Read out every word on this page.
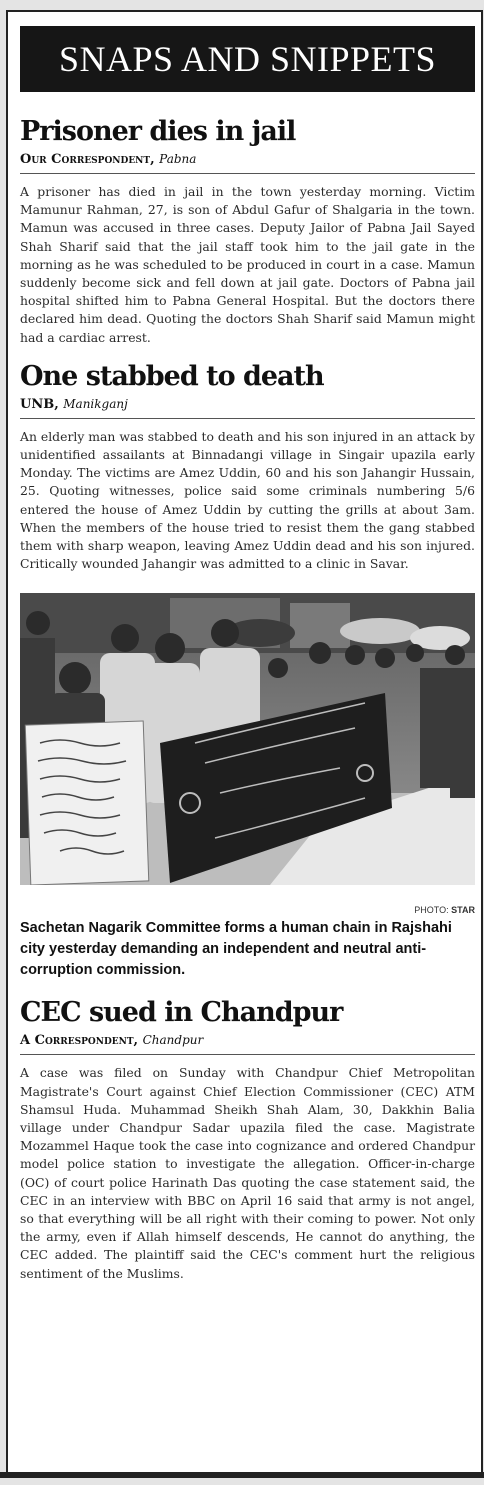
SNAPS AND SNIPPETS
Prisoner dies in jail
Our Correspondent, Pabna

A prisoner has died in jail in the town yesterday morning. Victim Mamunur Rahman, 27, is son of Abdul Gafur of Shalgaria in the town. Mamun was accused in three cases. Deputy Jailor of Pabna Jail Sayed Shah Sharif said that the jail staff took him to the jail gate in the morning as he was scheduled to be produced in court in a case. Mamun suddenly become sick and fell down at jail gate. Doctors of Pabna jail hospital shifted him to Pabna General Hospital. But the doctors there declared him dead. Quoting the doctors Shah Sharif said Mamun might had a cardiac arrest.

One stabbed to death
UNB, Manikganj

An elderly man was stabbed to death and his son injured in an attack by unidentified assailants at Binnadangi village in Singair upazila early Monday. The victims are Amez Uddin, 60 and his son Jahangir Hussain, 25. Quoting witnesses, police said some criminals numbering 5/6 entered the house of Amez Uddin by cutting the grills at about 3am. When the members of the house tried to resist them the gang stabbed them with sharp weapon, leaving Amez Uddin dead and his son injured. Critically wounded Jahangir was admitted to a clinic in Savar.

PHOTO: STAR

Sachetan Nagarik Committee forms a human chain in Rajshahi city yesterday demanding an independent and neutral anti-corruption commission.

CEC sued in Chandpur
A Correspondent, Chandpur

A case was filed on Sunday with Chandpur Chief Metropolitan Magistrate's Court against Chief Election Commissioner (CEC) ATM Shamsul Huda. Muhammad Sheikh Shah Alam, 30, Dakkhin Balia village under Chandpur Sadar upazila filed the case. Magistrate Mozammel Haque took the case into cognizance and ordered Chandpur model police station to investigate the allegation. Officer-in-charge (OC) of court police Harinath Das quoting the case statement said, the CEC in an interview with BBC on April 16 said that army is not angel, so that everything will be all right with their coming to power. Not only the army, even if Allah himself descends, He cannot do anything, the CEC added. The plaintiff said the CEC's comment hurt the religious sentiment of the Muslims.
